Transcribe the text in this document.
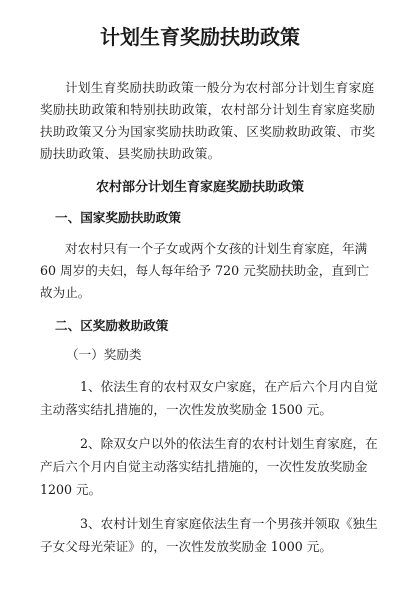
计划生育奖励扶助政策

计划生育奖励扶助政策一般分为农村部分计划生育家庭奖励扶助政策和特别扶助政策，农村部分计划生育家庭奖励扶助政策又分为国家奖励扶助政策、区奖励救助政策、市奖励扶助政策、县奖励扶助政策。

农村部分计划生育家庭奖励扶助政策
一、国家奖励扶助政策

对农村只有一个子女或两个女孩的计划生育家庭，年满 60 周岁的夫妇，每人每年给予 720 元奖励扶助金，直到亡故为止。

二、区奖励救助政策
（一）奖励类

1、依法生育的农村双女户家庭，在产后六个月内自觉主动落实结扎措施的，一次性发放奖励金 1500 元。

2、除双女户以外的依法生育的农村计划生育家庭，在产后六个月内自觉主动落实结扎措施的，一次性发放奖励金 1200 元。

3、农村计划生育家庭依法生育一个男孩并领取《独生子女父母光荣证》的，一次性发放奖励金 1000 元。
